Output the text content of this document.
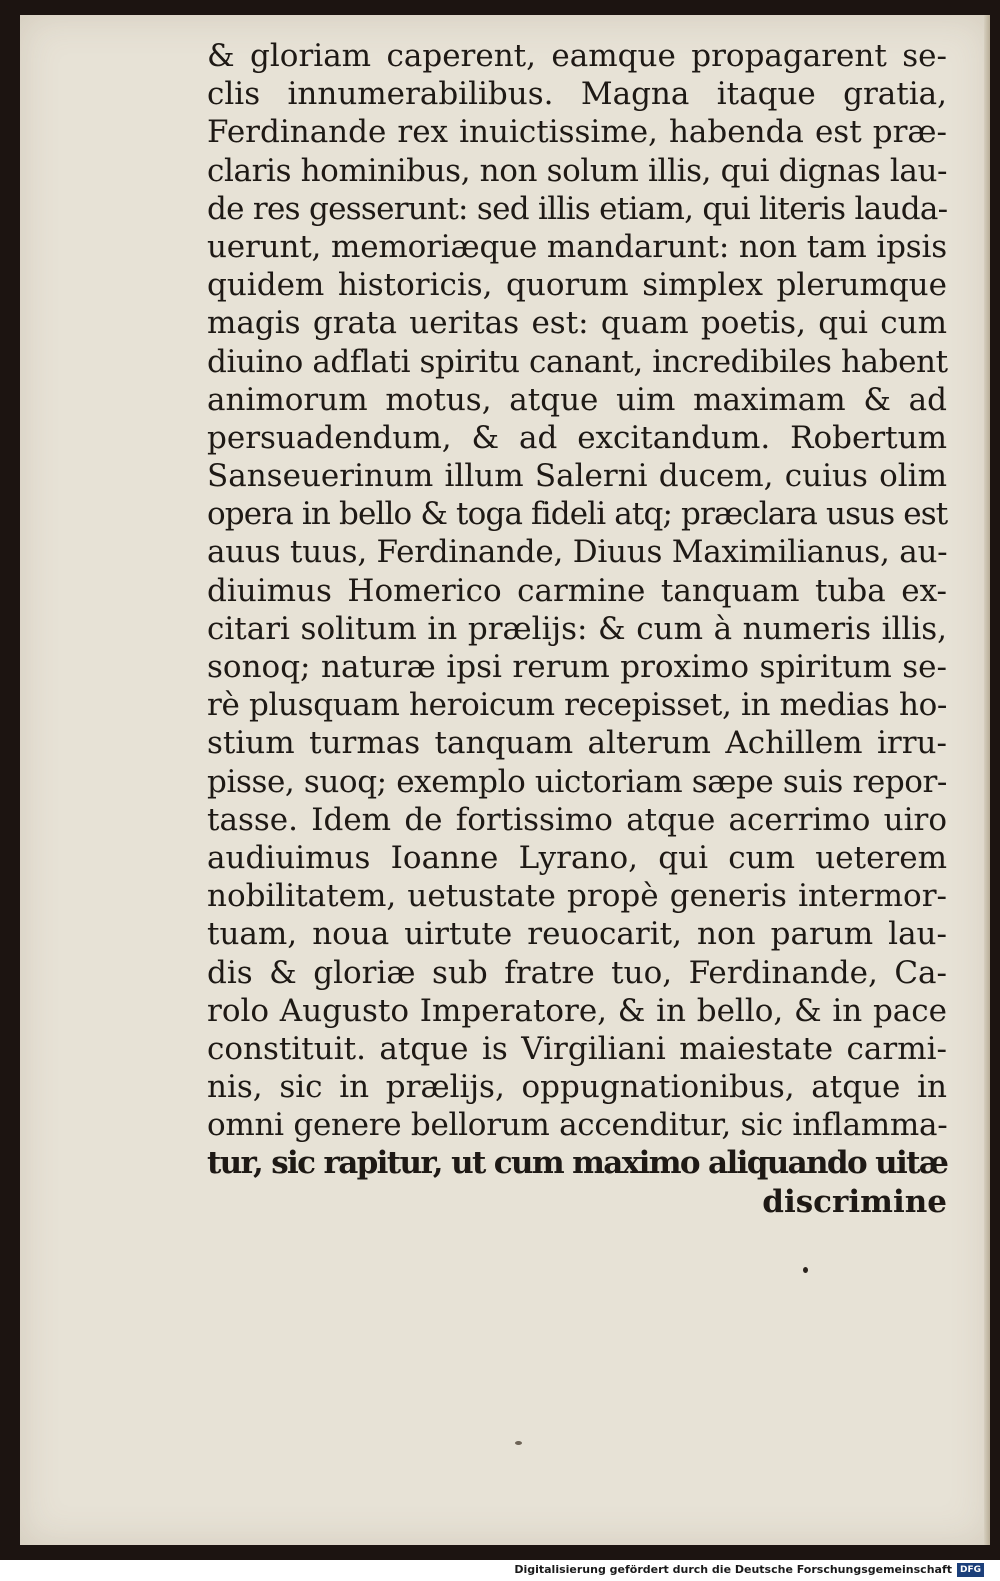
& gloriam caperent, eamque propagarent se-
clis innumerabilibus. Magna itaque gratia,
Ferdinande rex inuictissime, habenda est præ-
claris hominibus, non solum illis, qui dignas lau-
de res gesserunt: sed illis etiam, qui literis lauda-
uerunt, memoriæque mandarunt: non tam ipsis
quidem historicis, quorum simplex plerumque
magis grata ueritas est: quam poetis, qui cum
diuino adflati spiritu canant, incredibiles habent
animorum motus, atque uim maximam & ad
persuadendum, & ad excitandum. Robertum
Sanseuerinum illum Salerni ducem, cuius olim
opera in bello & toga fideli atq; præclara usus est
auus tuus, Ferdinande, Diuus Maximilianus, au-
diuimus Homerico carmine tanquam tuba ex-
citari solitum in prælijs: & cum à numeris illis,
sonoq; naturæ ipsi rerum proximo spiritum se-
rè plusquam heroicum recepisset, in medias ho-
stium turmas tanquam alterum Achillem irru-
pisse, suoq; exemplo uictoriam sæpe suis repor-
tasse. Idem de fortissimo atque acerrimo uiro
audiuimus Ioanne Lyrano, qui cum ueterem
nobilitatem, uetustate propè generis intermor-
tuam, noua uirtute reuocarit, non parum lau-
dis & gloriæ sub fratre tuo, Ferdinande, Ca-
rolo Augusto Imperatore, & in bello, & in pace
constituit. atque is Virgiliani maiestate carmi-
nis, sic in prælijs, oppugnationibus, atque in
omni genere bellorum accenditur, sic inflamma-
tur, sic rapitur, ut cum maximo aliquando uitæ
discrimine
Digitalisierung gefördert durch die Deutsche Forschungsgemeinschaft DFG
